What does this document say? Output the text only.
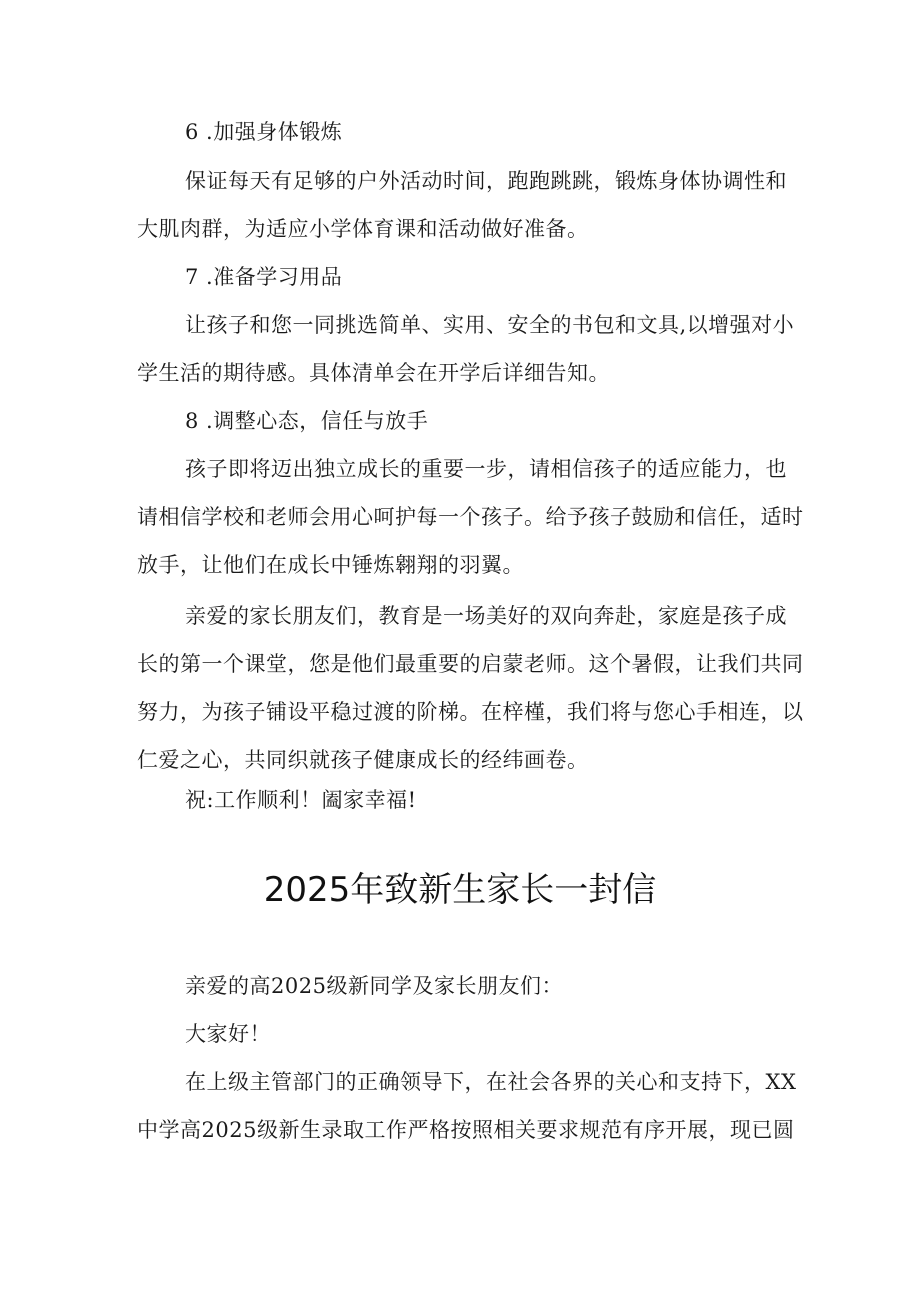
6 .加强身体锻炼

保证每天有足够的户外活动时间，跑跑跳跳，锻炼身体协调性和

大肌肉群，为适应小学体育课和活动做好准备。

7 .准备学习用品

让孩子和您一同挑选简单、实用、安全的书包和文具,以增强对小

学生活的期待感。具体清单会在开学后详细告知。

8 .调整心态，信任与放手

孩子即将迈出独立成长的重要一步，请相信孩子的适应能力，也

请相信学校和老师会用心呵护每一个孩子。给予孩子鼓励和信任，适时

放手，让他们在成长中锤炼翱翔的羽翼。

亲爱的家长朋友们，教育是一场美好的双向奔赴，家庭是孩子成

长的第一个课堂，您是他们最重要的启蒙老师。这个暑假，让我们共同

努力，为孩子铺设平稳过渡的阶梯。在梓槿，我们将与您心手相连，以

仁爱之心，共同织就孩子健康成长的经纬画卷。

祝:工作顺利！阖家幸福!

2025年致新生家长一封信

亲爱的高2025级新同学及家长朋友们：

大家好！

在上级主管部门的正确领导下，在社会各界的关心和支持下，XX

中学高2025级新生录取工作严格按照相关要求规范有序开展，现已圆
